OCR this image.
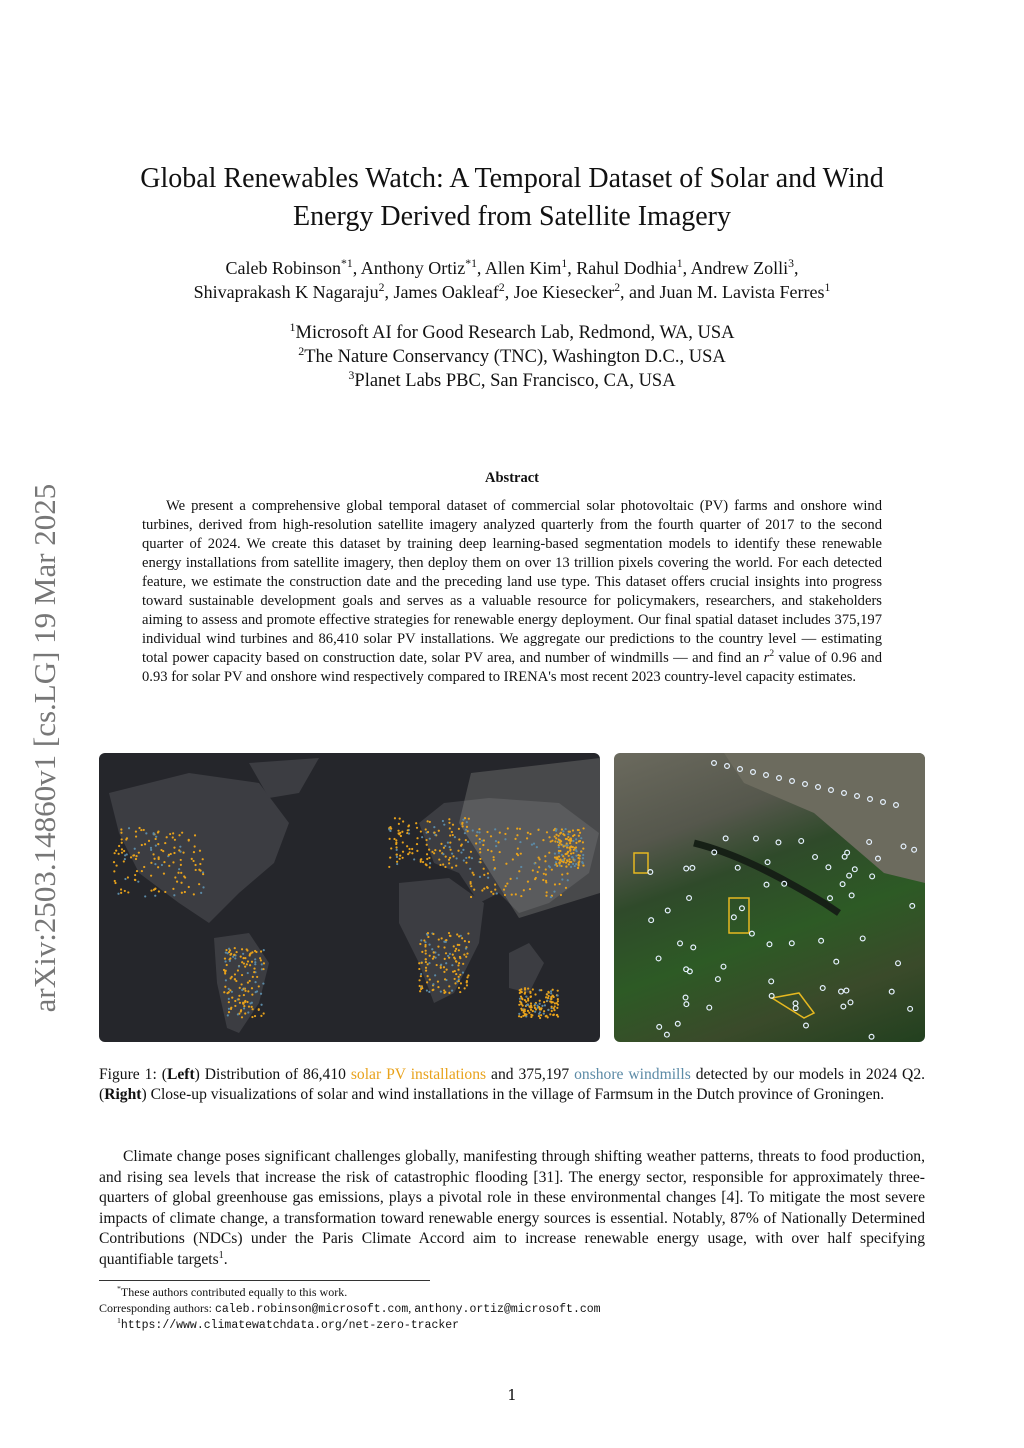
arXiv:2503.14860v1 [cs.LG] 19 Mar 2025
Global Renewables Watch: A Temporal Dataset of Solar and Wind
Energy Derived from Satellite Imagery
Caleb Robinson$^{*1}$, Anthony Ortiz$^{*1}$, Allen Kim$^1$, Rahul Dodhia$^1$, Andrew Zolli$^3$,
Shivaprakash K Nagaraju$^2$, James Oakleaf$^2$, Joe Kiesecker$^2$, and Juan M. Lavista Ferres$^1$
$^1$Microsoft AI for Good Research Lab, Redmond, WA, USA
$^2$The Nature Conservancy (TNC), Washington D.C., USA
$^3$Planet Labs PBC, San Francisco, CA, USA
Abstract

We present a comprehensive global temporal dataset of commercial solar photovoltaic (PV) farms and onshore wind turbines, derived from high-resolution satellite imagery analyzed quarterly from the fourth quarter of 2017 to the second quarter of 2024. We create this dataset by training deep learning-based segmentation models to identify these renewable energy installations from satellite imagery, then deploy them on over 13 trillion pixels covering the world. For each detected feature, we estimate the construction date and the preceding land use type. This dataset offers crucial insights into progress toward sustainable development goals and serves as a valuable resource for policymakers, researchers, and stakeholders aiming to assess and promote effective strategies for renewable energy deployment. Our final spatial dataset includes 375,197 individual wind turbines and 86,410 solar PV installations. We aggregate our predictions to the country level — estimating total power capacity based on construction date, solar PV area, and number of windmills — and find an $r^2$ value of 0.96 and 0.93 for solar PV and onshore wind respectively compared to IRENA's most recent 2023 country-level capacity estimates.

Figure 1: (Left) Distribution of 86,410 solar PV installations and 375,197 onshore windmills detected by our models in 2024 Q2. (Right) Close-up visualizations of solar and wind installations in the village of Farmsum in the Dutch province of Groningen.

Climate change poses significant challenges globally, manifesting through shifting weather patterns, threats to food production, and rising sea levels that increase the risk of catastrophic flooding [31]. The energy sector, responsible for approximately three-quarters of global greenhouse gas emissions, plays a pivotal role in these environmental changes [4]. To mitigate the most severe impacts of climate change, a transformation toward renewable energy sources is essential. Notably, 87% of Nationally Determined Contributions (NDCs) under the Paris Climate Accord aim to increase renewable energy usage, with over half specifying quantifiable targets$^1$.

*These authors contributed equally to this work.
Corresponding authors: caleb.robinson@microsoft.com, anthony.ortiz@microsoft.com
$^1$https://www.climatewatchdata.org/net-zero-tracker
1
